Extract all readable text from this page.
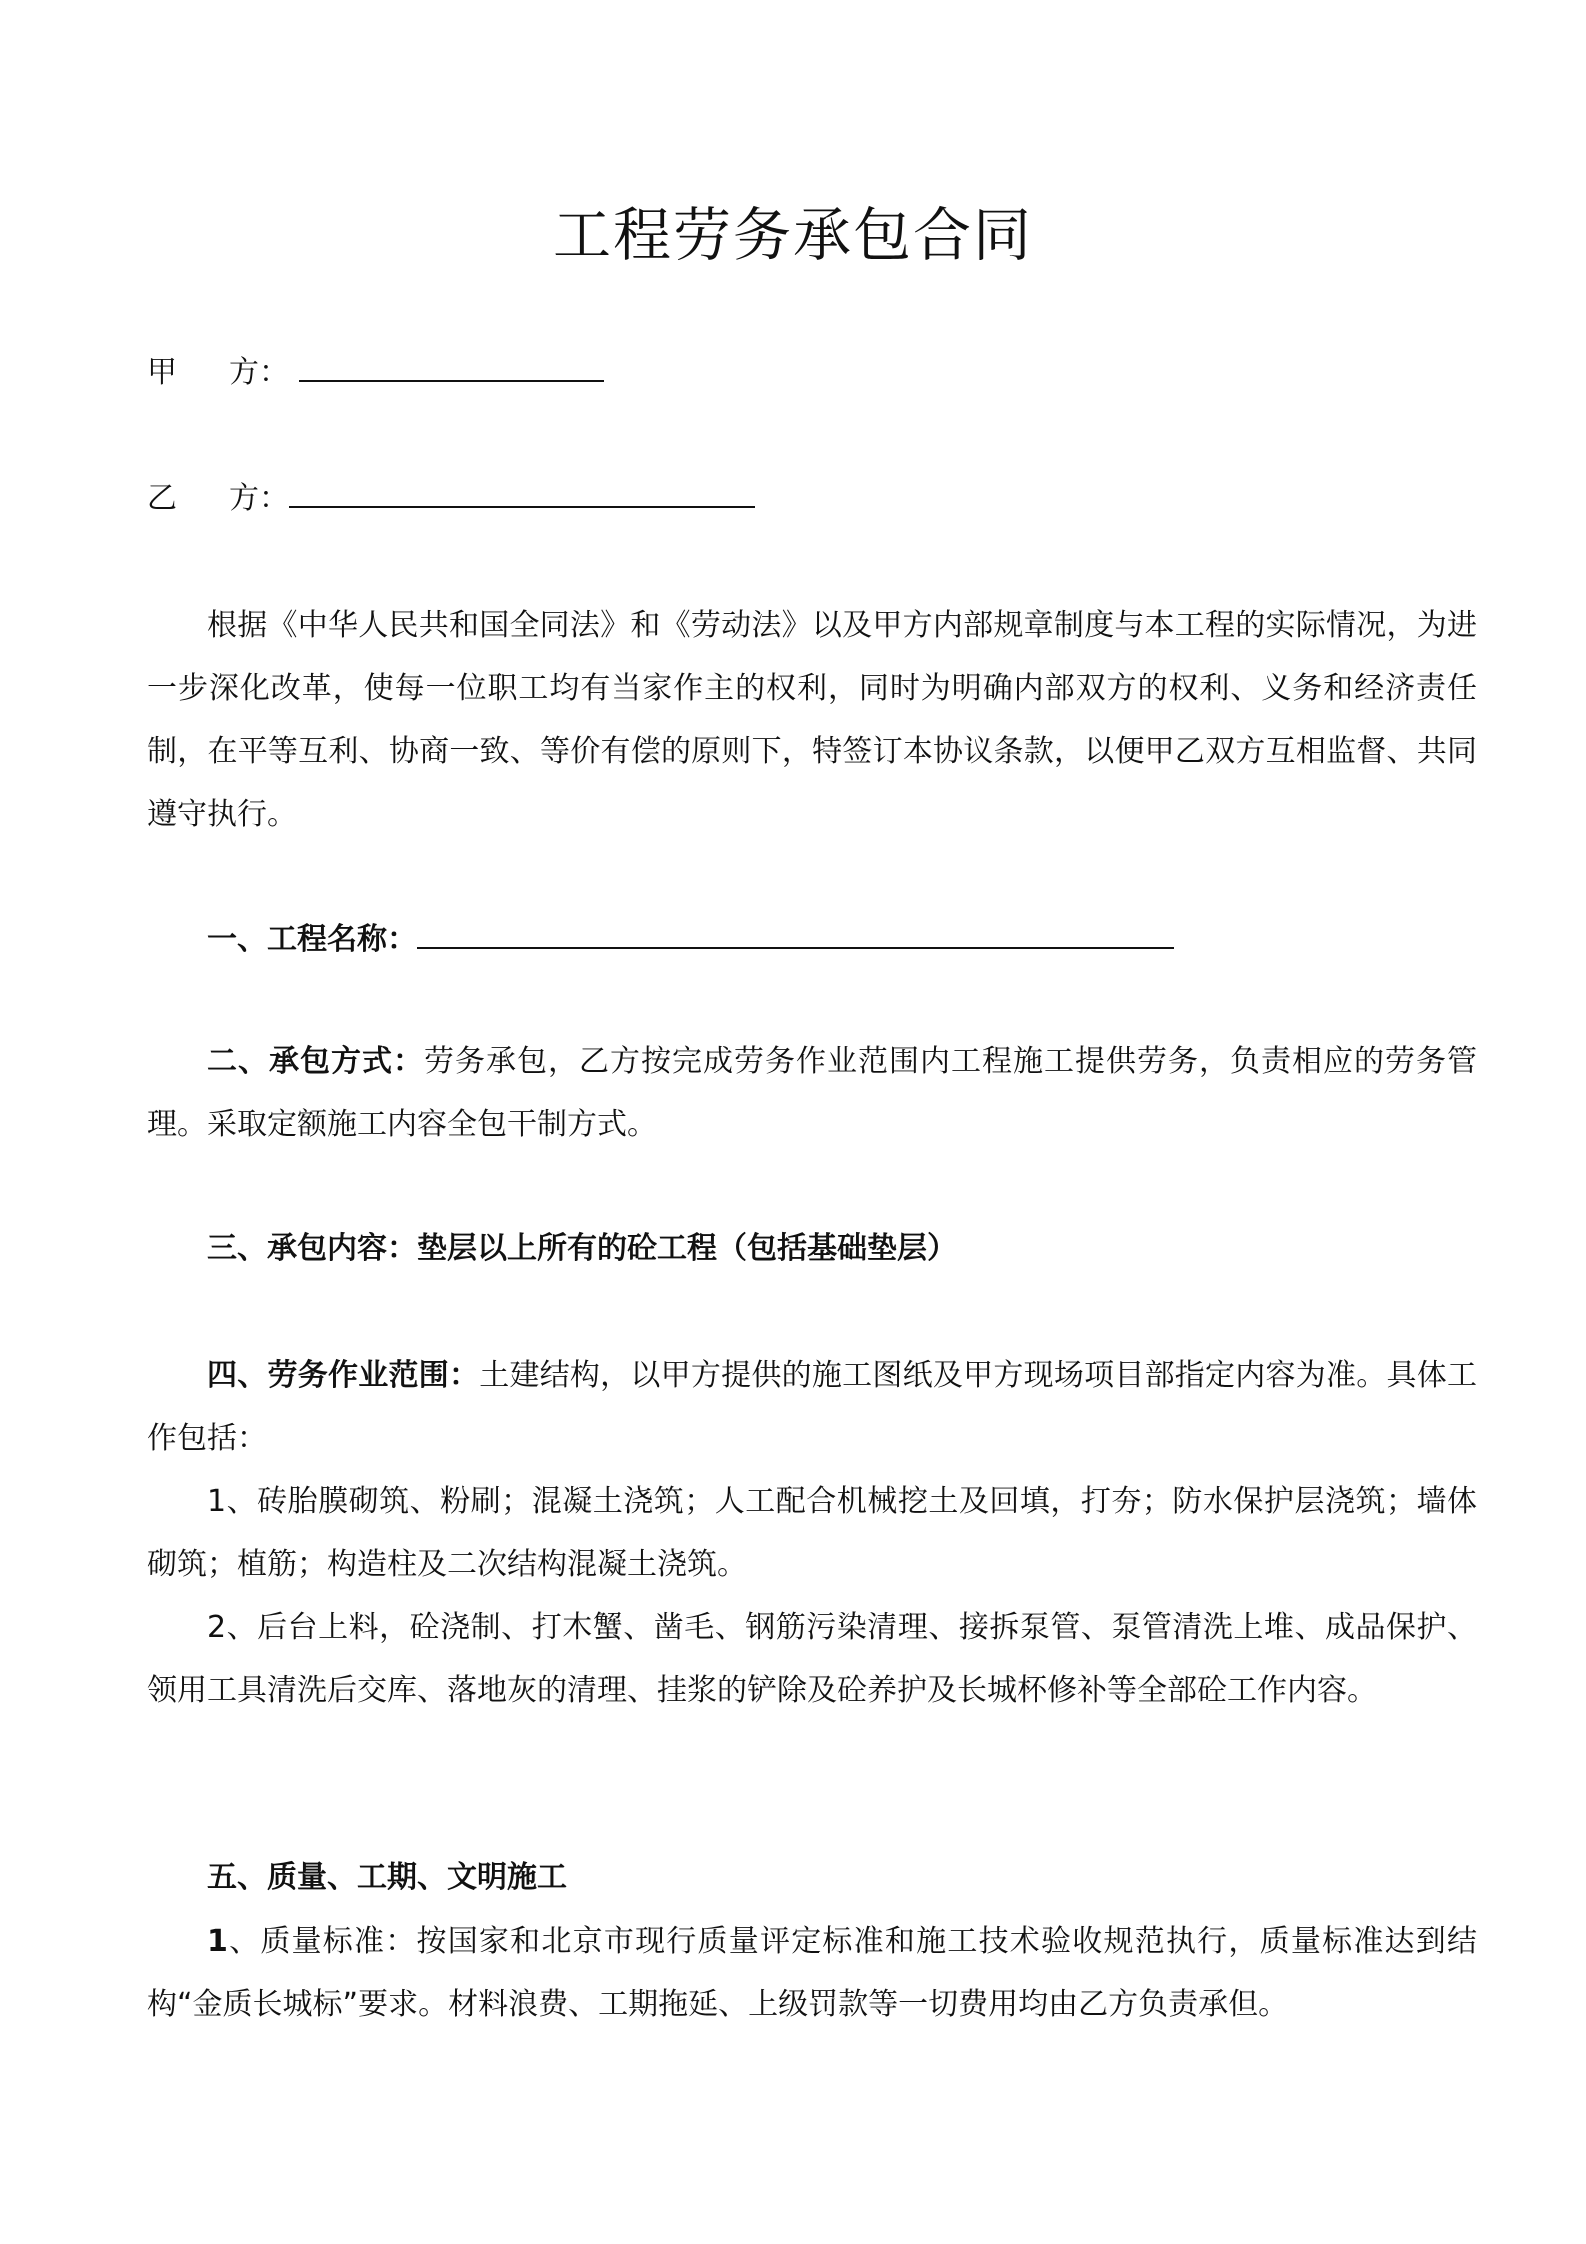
工程劳务承包合同
甲 方：
乙 方：

根据《中华人民共和国全同法》和《劳动法》以及甲方内部规章制度与本工程的实际情况，为进一步深化改革，使每一位职工均有当家作主的权利，同时为明确内部双方的权利、义务和经济责任制，在平等互利、协商一致、等价有偿的原则下，特签订本协议条款，以便甲乙双方互相监督、共同遵守执行。

一、工程名称：

二、承包方式：劳务承包，乙方按完成劳务作业范围内工程施工提供劳务，负责相应的劳务管理。采取定额施工内容全包干制方式。

三、承包内容：垫层以上所有的砼工程（包括基础垫层）

四、劳务作业范围：土建结构，以甲方提供的施工图纸及甲方现场项目部指定内容为准。具体工作包括：

1、砖胎膜砌筑、粉刷；混凝土浇筑；人工配合机械挖土及回填，打夯；防水保护层浇筑；墙体砌筑；植筋；构造柱及二次结构混凝土浇筑。

2、后台上料，砼浇制、打木蟹、凿毛、钢筋污染清理、接拆泵管、泵管清洗上堆、成品保护、领用工具清洗后交库、落地灰的清理、挂浆的铲除及砼养护及长城杯修补等全部砼工作内容。

五、质量、工期、文明施工

1、质量标准：按国家和北京市现行质量评定标准和施工技术验收规范执行，质量标准达到结构“金质长城标”要求。材料浪费、工期拖延、上级罚款等一切费用均由乙方负责承但。
